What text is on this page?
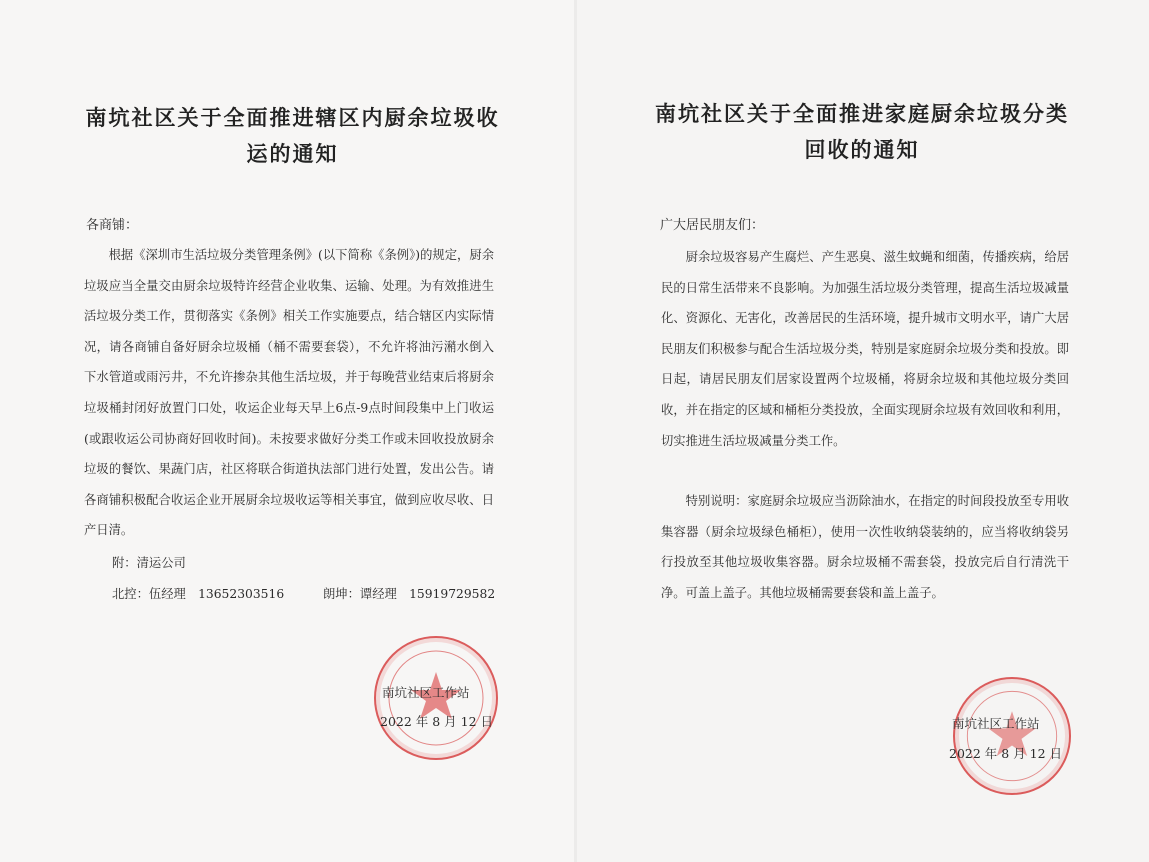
南坑社区关于全面推进辖区内厨余垃圾收
运的通知
各商铺：

根据《深圳市生活垃圾分类管理条例》(以下简称《条例》)的规定，厨余垃圾应当全量交由厨余垃圾特许经营企业收集、运输、处理。为有效推进生活垃圾分类工作，贯彻落实《条例》相关工作实施要点，结合辖区内实际情况，请各商铺自备好厨余垃圾桶（桶不需要套袋），不允许将油污潲水倒入下水管道或雨污井，不允许掺杂其他生活垃圾，并于每晚营业结束后将厨余垃圾桶封闭好放置门口处，收运企业每天早上6点-9点时间段集中上门收运(或跟收运公司协商好回收时间)。未按要求做好分类工作或未回收投放厨余垃圾的餐饮、果蔬门店，社区将联合街道执法部门进行处置，发出公告。请各商铺积极配合收运企业开展厨余垃圾收运等相关事宜，做到应收尽收、日产日清。

附：清运公司
北控：伍经理　13652303516	朗坤：谭经理　15919729582
南坑社区工作站
2022 年 8 月 12 日
南坑社区关于全面推进家庭厨余垃圾分类
回收的通知
广大居民朋友们：

厨余垃圾容易产生腐烂、产生恶臭、滋生蚊蝇和细菌，传播疾病，给居民的日常生活带来不良影响。为加强生活垃圾分类管理，提高生活垃圾减量化、资源化、无害化，改善居民的生活环境，提升城市文明水平，请广大居民朋友们积极参与配合生活垃圾分类，特别是家庭厨余垃圾分类和投放。即日起，请居民朋友们居家设置两个垃圾桶，将厨余垃圾和其他垃圾分类回收，并在指定的区域和桶柜分类投放，全面实现厨余垃圾有效回收和利用，切实推进生活垃圾减量分类工作。

特别说明：家庭厨余垃圾应当沥除油水，在指定的时间段投放至专用收集容器（厨余垃圾绿色桶柜），使用一次性收纳袋装纳的，应当将收纳袋另行投放至其他垃圾收集容器。厨余垃圾桶不需套袋，投放完后自行清洗干净。可盖上盖子。其他垃圾桶需要套袋和盖上盖子。

南坑社区工作站
2022 年 8 月 12 日
